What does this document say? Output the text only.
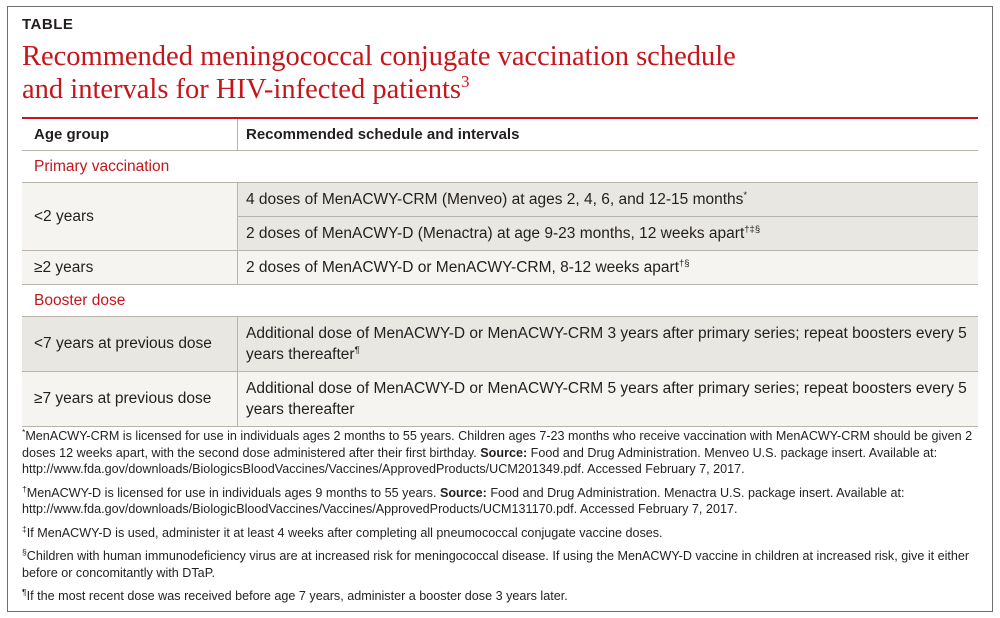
TABLE
Recommended meningococcal conjugate vaccination schedule
and intervals for HIV-infected patients$^3$
Age group	Recommended schedule and intervals
Primary vaccination
<2 years
4 doses of MenACWY-CRM (Menveo) at ages 2, 4, 6, and 12-15 months*
2 doses of MenACWY-D (Menactra) at age 9-23 months, 12 weeks apart†‡§
≥2 years	2 doses of MenACWY-D or MenACWY-CRM, 8-12 weeks apart†§
Booster dose
<7 years at previous dose
Additional dose of MenACWY-D or MenACWY-CRM 3 years after primary series; repeat boosters every 5 years thereafter¶
≥7 years at previous dose
Additional dose of MenACWY-D or MenACWY-CRM 5 years after primary series; repeat boosters every 5 years thereafter
*MenACWY-CRM is licensed for use in individuals ages 2 months to 55 years. Children ages 7-23 months who receive vaccination with MenACWY-CRM should be given 2 doses 12 weeks apart, with the second dose administered after their first birthday. Source: Food and Drug Administration. Menveo U.S. package insert. Available at: http://www.fda.gov/downloads/BiologicsBloodVaccines/Vaccines/ApprovedProducts/UCM201349.pdf. Accessed February 7, 2017.
†MenACWY-D is licensed for use in individuals ages 9 months to 55 years. Source: Food and Drug Administration. Menactra U.S. package insert. Available at: http://www.fda.gov/downloads/BiologicBloodVaccines/Vaccines/ApprovedProducts/UCM131170.pdf. Accessed February 7, 2017.
‡If MenACWY-D is used, administer it at least 4 weeks after completing all pneumococcal conjugate vaccine doses.
§Children with human immunodeficiency virus are at increased risk for meningococcal disease. If using the MenACWY-D vaccine in children at increased risk, give it either before or concomitantly with DTaP.
¶If the most recent dose was received before age 7 years, administer a booster dose 3 years later.
